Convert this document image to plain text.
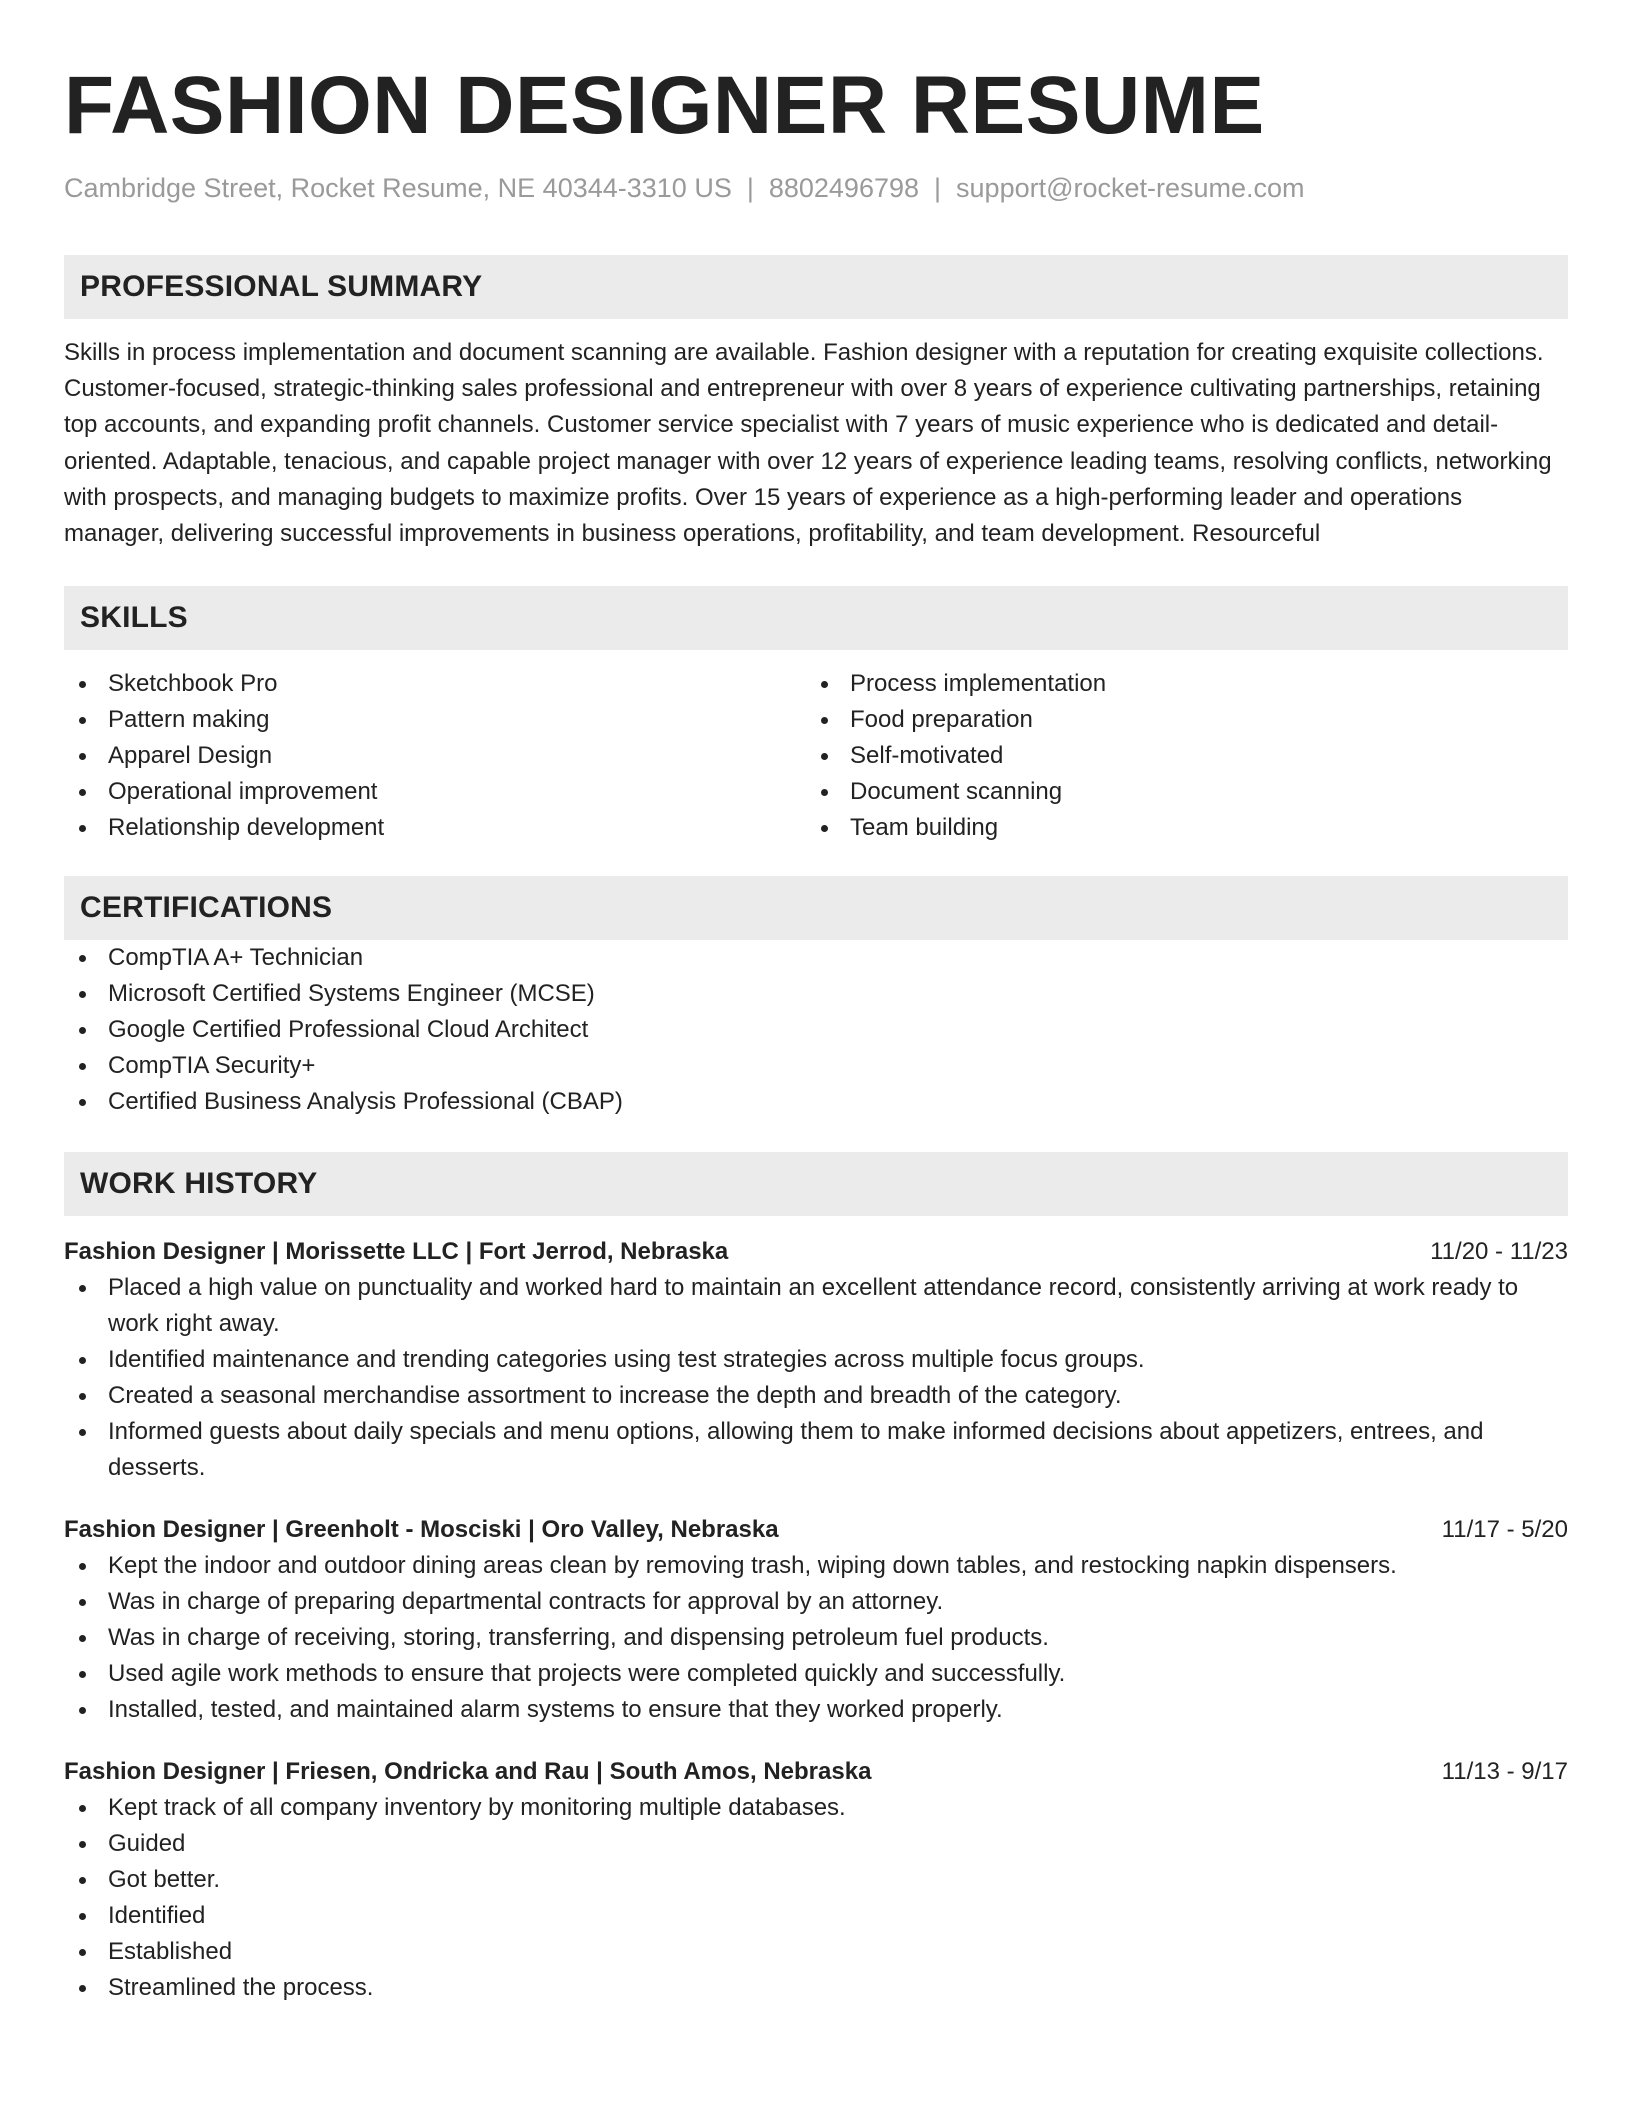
FASHION DESIGNER RESUME
Cambridge Street, Rocket Resume, NE 40344-3310 US | 8802496798 | support@rocket-resume.com
PROFESSIONAL SUMMARY

Skills in process implementation and document scanning are available. Fashion designer with a reputation for creating exquisite collections. Customer-focused, strategic-thinking sales professional and entrepreneur with over 8 years of experience cultivating partnerships, retaining top accounts, and expanding profit channels. Customer service specialist with 7 years of music experience who is dedicated and detail-oriented. Adaptable, tenacious, and capable project manager with over 12 years of experience leading teams, resolving conflicts, networking with prospects, and managing budgets to maximize profits. Over 15 years of experience as a high-performing leader and operations manager, delivering successful improvements in business operations, profitability, and team development. Resourceful

SKILLS
Sketchbook Pro
Pattern making
Apparel Design
Operational improvement
Relationship development
Process implementation
Food preparation
Self-motivated
Document scanning
Team building
CERTIFICATIONS
CompTIA A+ Technician
Microsoft Certified Systems Engineer (MCSE)
Google Certified Professional Cloud Architect
CompTIA Security+
Certified Business Analysis Professional (CBAP)
WORK HISTORY
Fashion Designer | Morissette LLC | Fort Jerrod, Nebraska	11/20 - 11/23
Placed a high value on punctuality and worked hard to maintain an excellent attendance record, consistently arriving at work ready to work right away.
Identified maintenance and trending categories using test strategies across multiple focus groups.
Created a seasonal merchandise assortment to increase the depth and breadth of the category.
Informed guests about daily specials and menu options, allowing them to make informed decisions about appetizers, entrees, and desserts.
Fashion Designer | Greenholt - Mosciski | Oro Valley, Nebraska	11/17 - 5/20
Kept the indoor and outdoor dining areas clean by removing trash, wiping down tables, and restocking napkin dispensers.
Was in charge of preparing departmental contracts for approval by an attorney.
Was in charge of receiving, storing, transferring, and dispensing petroleum fuel products.
Used agile work methods to ensure that projects were completed quickly and successfully.
Installed, tested, and maintained alarm systems to ensure that they worked properly.
Fashion Designer | Friesen, Ondricka and Rau | South Amos, Nebraska	11/13 - 9/17
Kept track of all company inventory by monitoring multiple databases.
Guided
Got better.
Identified
Established
Streamlined the process.
